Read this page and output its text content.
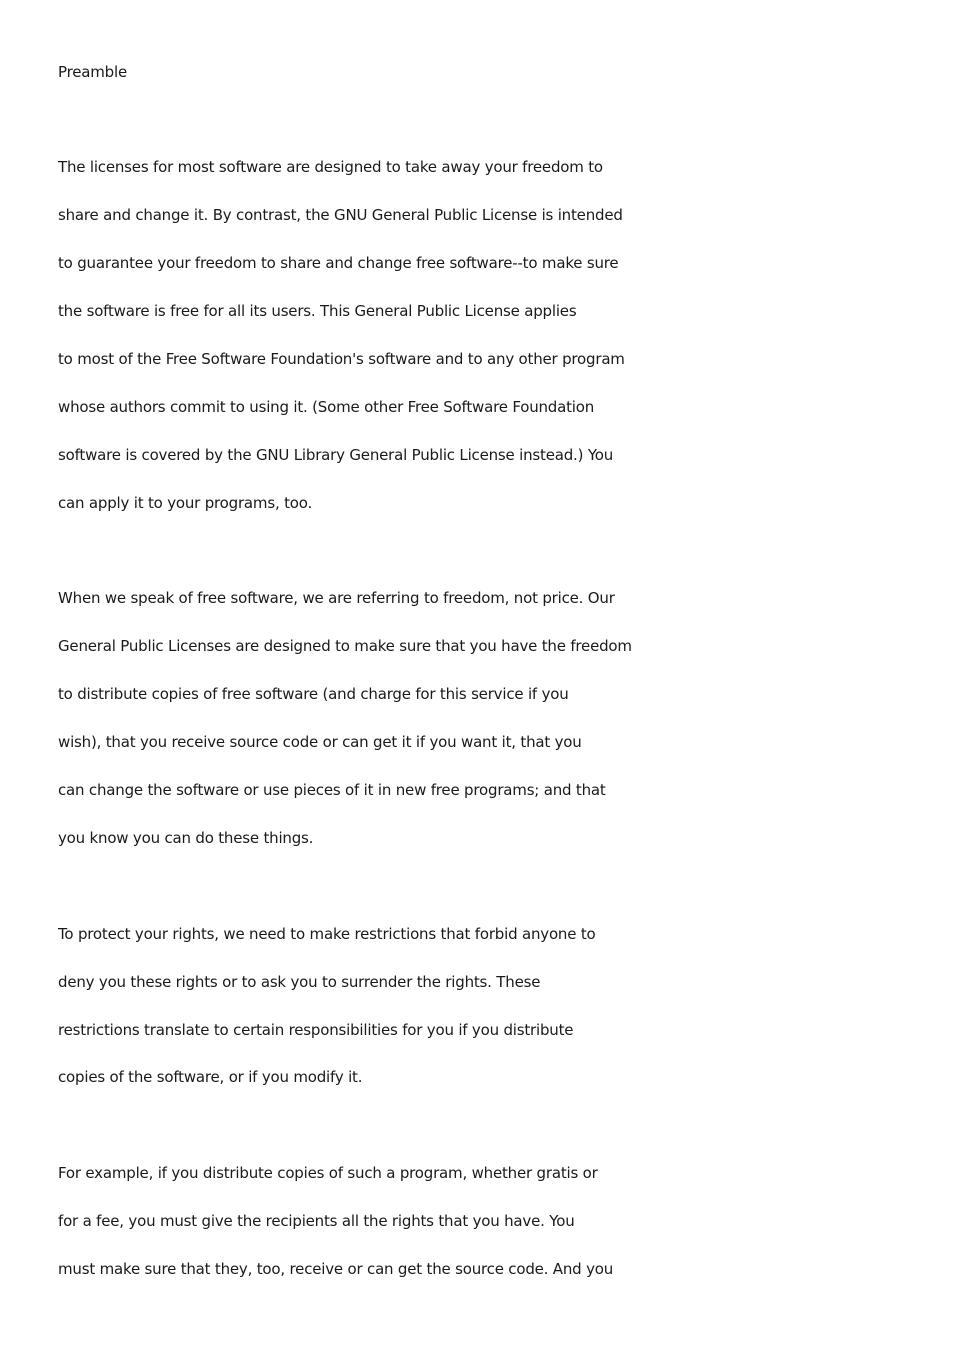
Preamble
The licenses for most software are designed to take away your freedom to
share and change it. By contrast, the GNU General Public License is intended
to guarantee your freedom to share and change free software--to make sure
the software is free for all its users. This General Public License applies
to most of the Free Software Foundation's software and to any other program
whose authors commit to using it. (Some other Free Software Foundation
software is covered by the GNU Library General Public License instead.) You
can apply it to your programs, too.
When we speak of free software, we are referring to freedom, not price. Our
General Public Licenses are designed to make sure that you have the freedom
to distribute copies of free software (and charge for this service if you
wish), that you receive source code or can get it if you want it, that you
can change the software or use pieces of it in new free programs; and that
you know you can do these things.
To protect your rights, we need to make restrictions that forbid anyone to
deny you these rights or to ask you to surrender the rights. These
restrictions translate to certain responsibilities for you if you distribute
copies of the software, or if you modify it.
For example, if you distribute copies of such a program, whether gratis or
for a fee, you must give the recipients all the rights that you have. You
must make sure that they, too, receive or can get the source code. And you
